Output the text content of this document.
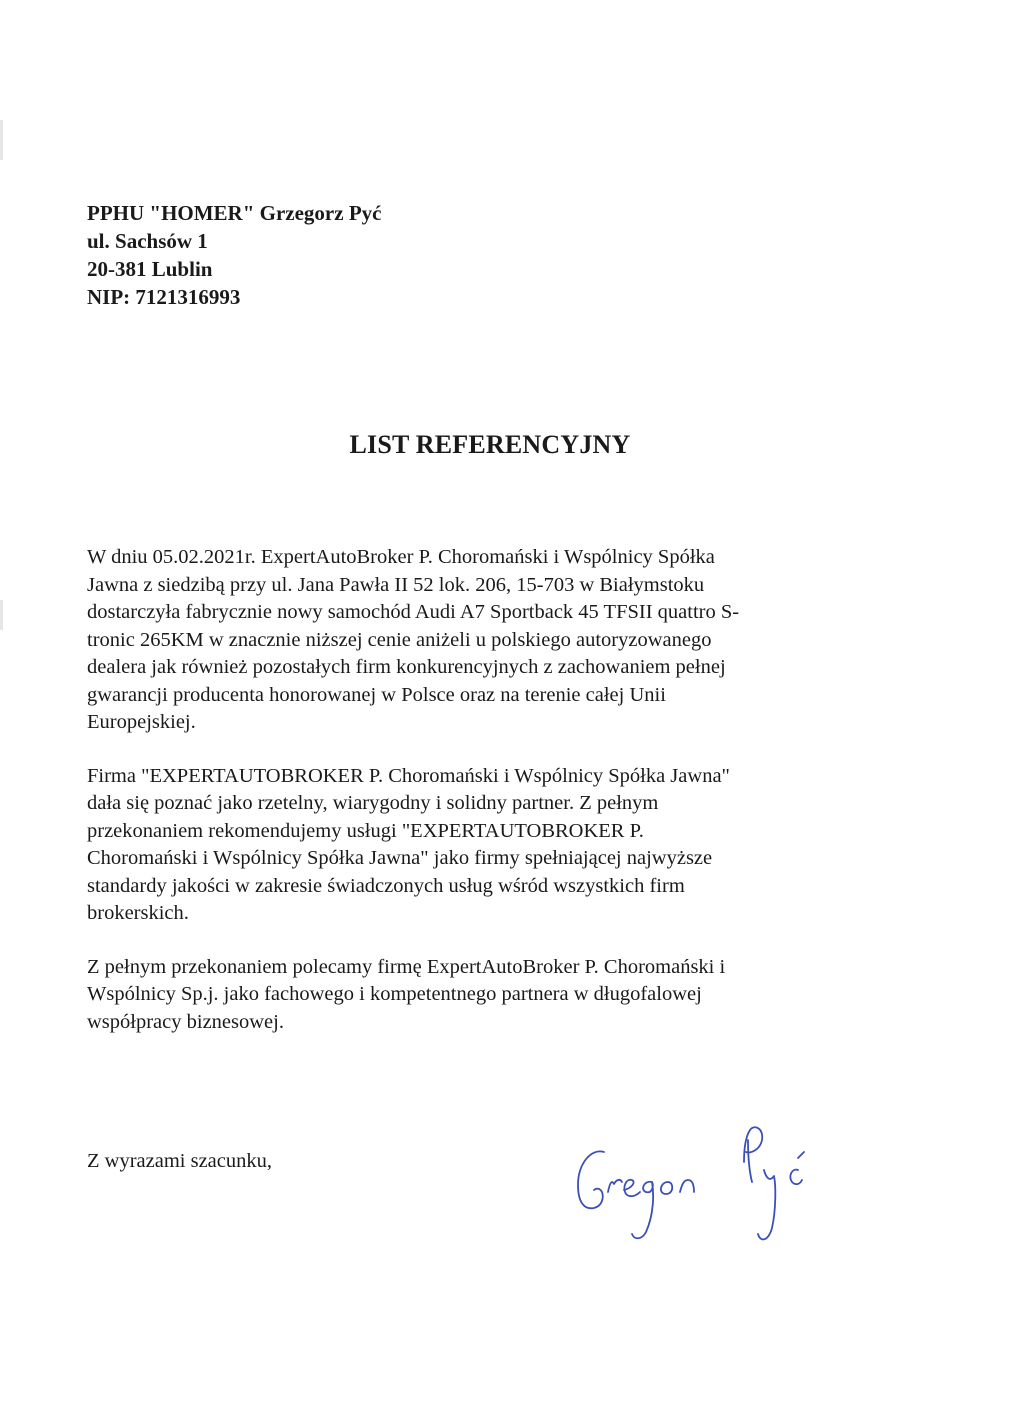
PPHU "HOMER" Grzegorz Pyć
ul. Sachsów 1
20-381 Lublin
NIP: 7121316993
LIST REFERENCYJNY
W dniu 05.02.2021r. ExpertAutoBroker P. Choromański i Wspólnicy Spółka
Jawna z siedzibą przy ul. Jana Pawła II 52 lok. 206, 15-703 w Białymstoku
dostarczyła fabrycznie nowy samochód Audi A7 Sportback 45 TFSII quattro S-
tronic 265KM w znacznie niższej cenie aniżeli u polskiego autoryzowanego
dealera jak również pozostałych firm konkurencyjnych z zachowaniem pełnej
gwarancji producenta honorowanej w Polsce oraz na terenie całej Unii
Europejskiej.
Firma "EXPERTAUTOBROKER P. Choromański i Wspólnicy Spółka Jawna"
dała się poznać jako rzetelny, wiarygodny i solidny partner. Z pełnym
przekonaniem rekomendujemy usługi "EXPERTAUTOBROKER P.
Choromański i Wspólnicy Spółka Jawna" jako firmy spełniającej najwyższe
standardy jakości w zakresie świadczonych usług wśród wszystkich firm
brokerskich.
Z pełnym przekonaniem polecamy firmę ExpertAutoBroker P. Choromański i
Wspólnicy Sp.j. jako fachowego i kompetentnego partnera w długofalowej
współpracy biznesowej.
Z wyrazami szacunku,
